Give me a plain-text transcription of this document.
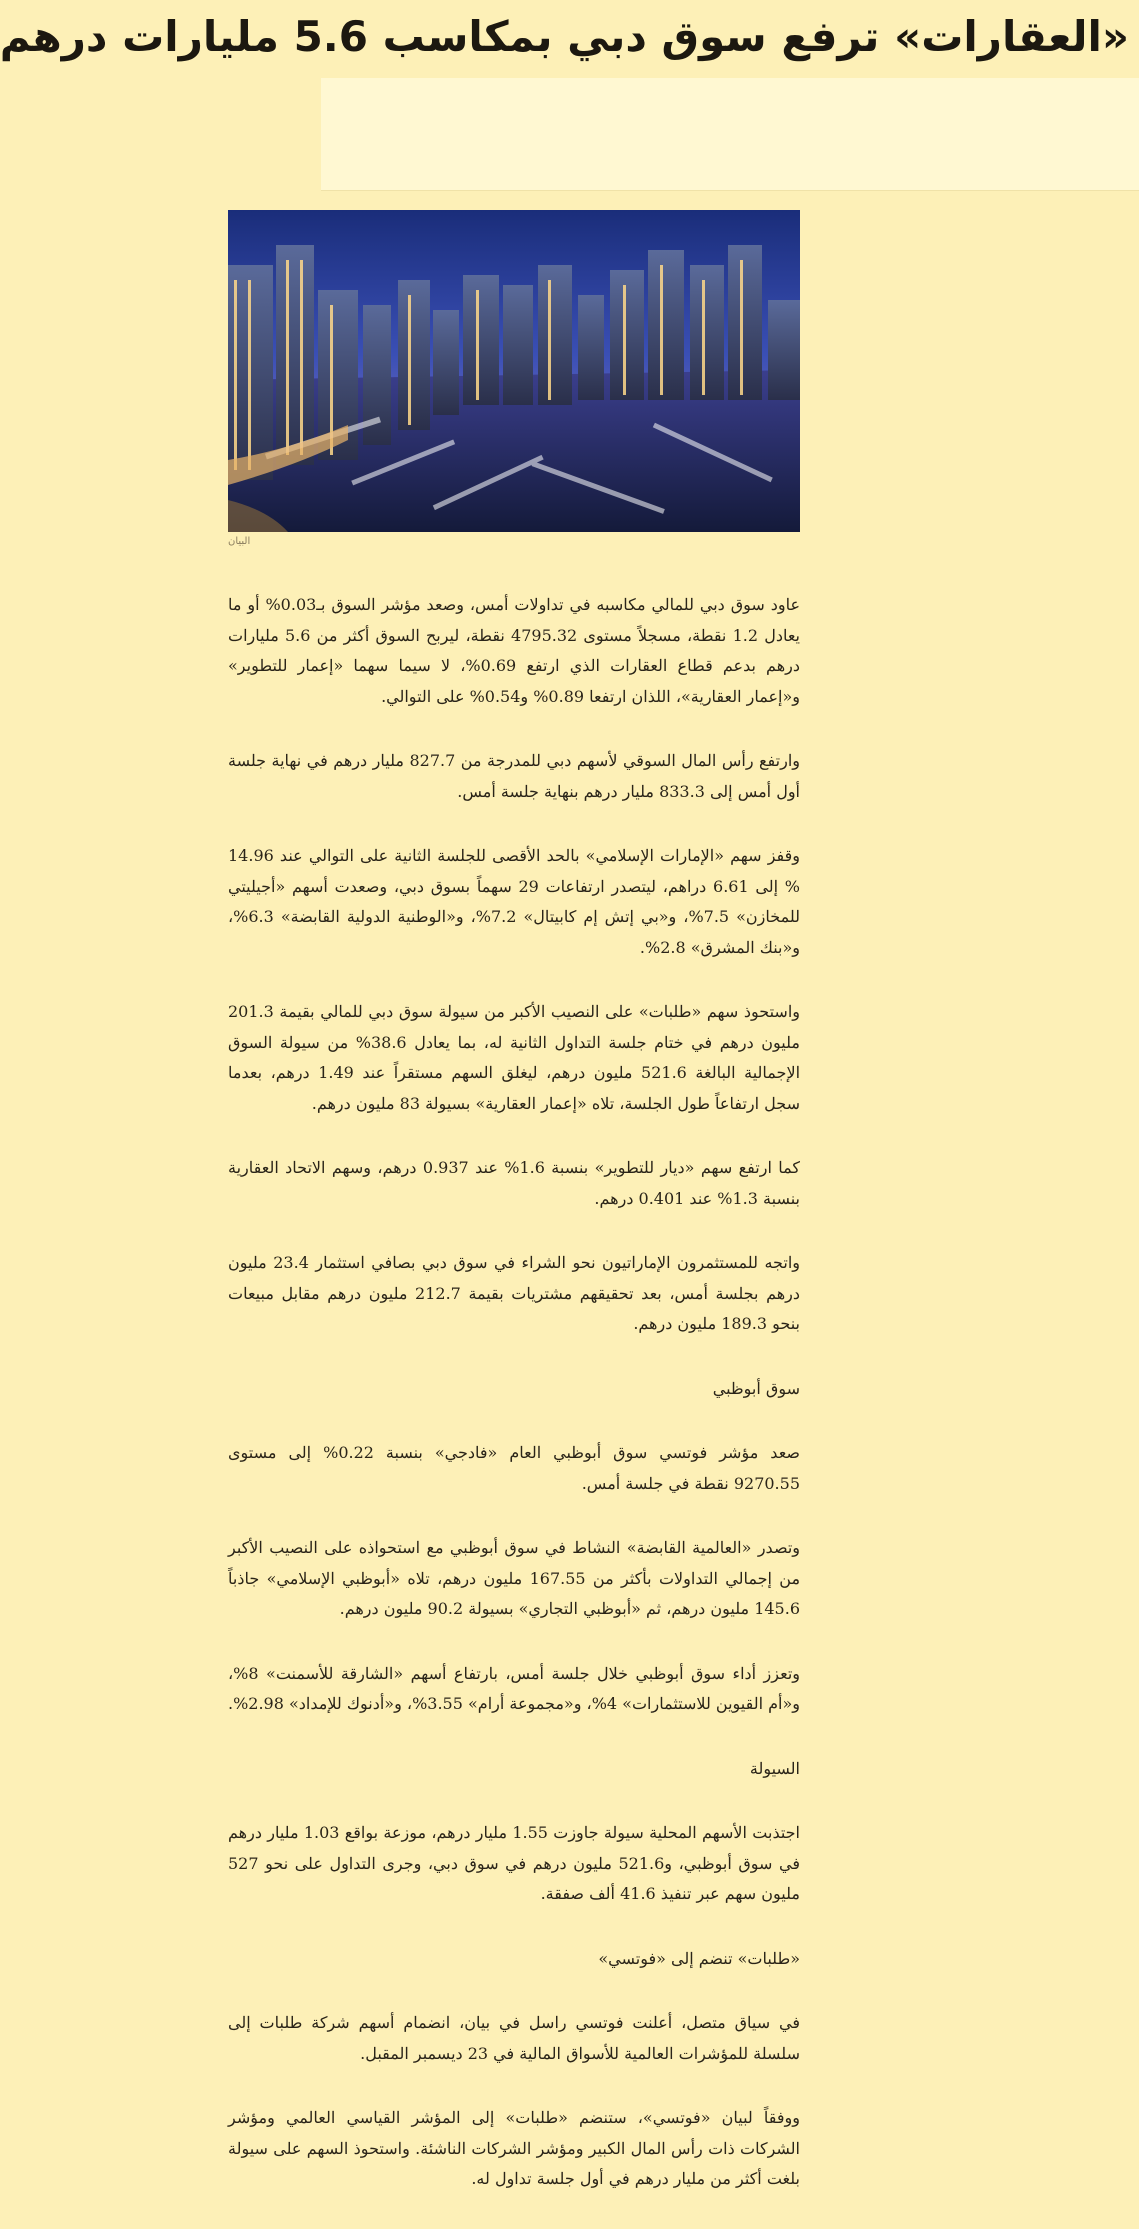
«العقارات» ترفع سوق دبي بمكاسب 5.6 مليارات درهم
البيان

عاود سوق دبي للمالي مكاسبه في تداولات أمس، وصعد مؤشر السوق بـ0.03% أو ما يعادل 1.2 نقطة، مسجلاً مستوى 4795.32 نقطة، ليربح السوق أكثر من 5.6 مليارات درهم بدعم قطاع العقارات الذي ارتفع 0.69%، لا سيما سهما «إعمار للتطوير» و«إعمار العقارية»، اللذان ارتفعا 0.89% و0.54% على التوالي.

وارتفع رأس المال السوقي لأسهم دبي للمدرجة من 827.7 مليار درهم في نهاية جلسة أول أمس إلى 833.3 مليار درهم بنهاية جلسة أمس.

وقفز سهم «الإمارات الإسلامي» بالحد الأقصى للجلسة الثانية على التوالي عند 14.96 % إلى 6.61 دراهم، ليتصدر ارتفاعات 29 سهماً بسوق دبي، وصعدت أسهم «أجيليتي للمخازن» 7.5%، و«بي إتش إم كابيتال» 7.2%، و«الوطنية الدولية القابضة» 6.3%، و«بنك المشرق» 2.8%.

واستحوذ سهم «طلبات» على النصيب الأكبر من سيولة سوق دبي للمالي بقيمة 201.3 مليون درهم في ختام جلسة التداول الثانية له، بما يعادل 38.6% من سيولة السوق الإجمالية البالغة 521.6 مليون درهم، ليغلق السهم مستقراً عند 1.49 درهم، بعدما سجل ارتفاعاً طول الجلسة، تلاه «إعمار العقارية» بسيولة 83 مليون درهم.

كما ارتفع سهم «ديار للتطوير» بنسبة 1.6% عند 0.937 درهم، وسهم الاتحاد العقارية بنسبة 1.3% عند 0.401 درهم.

واتجه للمستثمرون الإماراتيون نحو الشراء في سوق دبي بصافي استثمار 23.4 مليون درهم بجلسة أمس، بعد تحقيقهم مشتريات بقيمة 212.7 مليون درهم مقابل مبيعات بنحو 189.3 مليون درهم.

سوق أبوظبي

صعد مؤشر فوتسي سوق أبوظبي العام «فادجي» بنسبة 0.22% إلى مستوى 9270.55 نقطة في جلسة أمس.

وتصدر «العالمية القابضة» النشاط في سوق أبوظبي مع استحواذه على النصيب الأكبر من إجمالي التداولات بأكثر من 167.55 مليون درهم، تلاه «أبوظبي الإسلامي» جاذباً 145.6 مليون درهم، ثم «أبوظبي التجاري» بسيولة 90.2 مليون درهم.

وتعزز أداء سوق أبوظبي خلال جلسة أمس، بارتفاع أسهم «الشارقة للأسمنت» 8%، و«أم القيوين للاستثمارات» 4%، و«مجموعة أرام» 3.55%، و«أدنوك للإمداد» 2.98%.

السيولة

اجتذبت الأسهم المحلية سيولة جاوزت 1.55 مليار درهم، موزعة بواقع 1.03 مليار درهم في سوق أبوظبي، و521.6 مليون درهم في سوق دبي، وجرى التداول على نحو 527 مليون سهم عبر تنفيذ 41.6 ألف صفقة.

«طلبات» تنضم إلى «فوتسي»

في سياق متصل، أعلنت فوتسي راسل في بيان، انضمام أسهم شركة طلبات إلى سلسلة للمؤشرات العالمية للأسواق المالية في 23 ديسمبر المقبل.

ووفقاً لبيان «فوتسي»، ستنضم «طلبات» إلى المؤشر القياسي العالمي ومؤشر الشركات ذات رأس المال الكبير ومؤشر الشركات الناشئة. واستحوذ السهم على سيولة بلغت أكثر من مليار درهم في أول جلسة تداول له.
